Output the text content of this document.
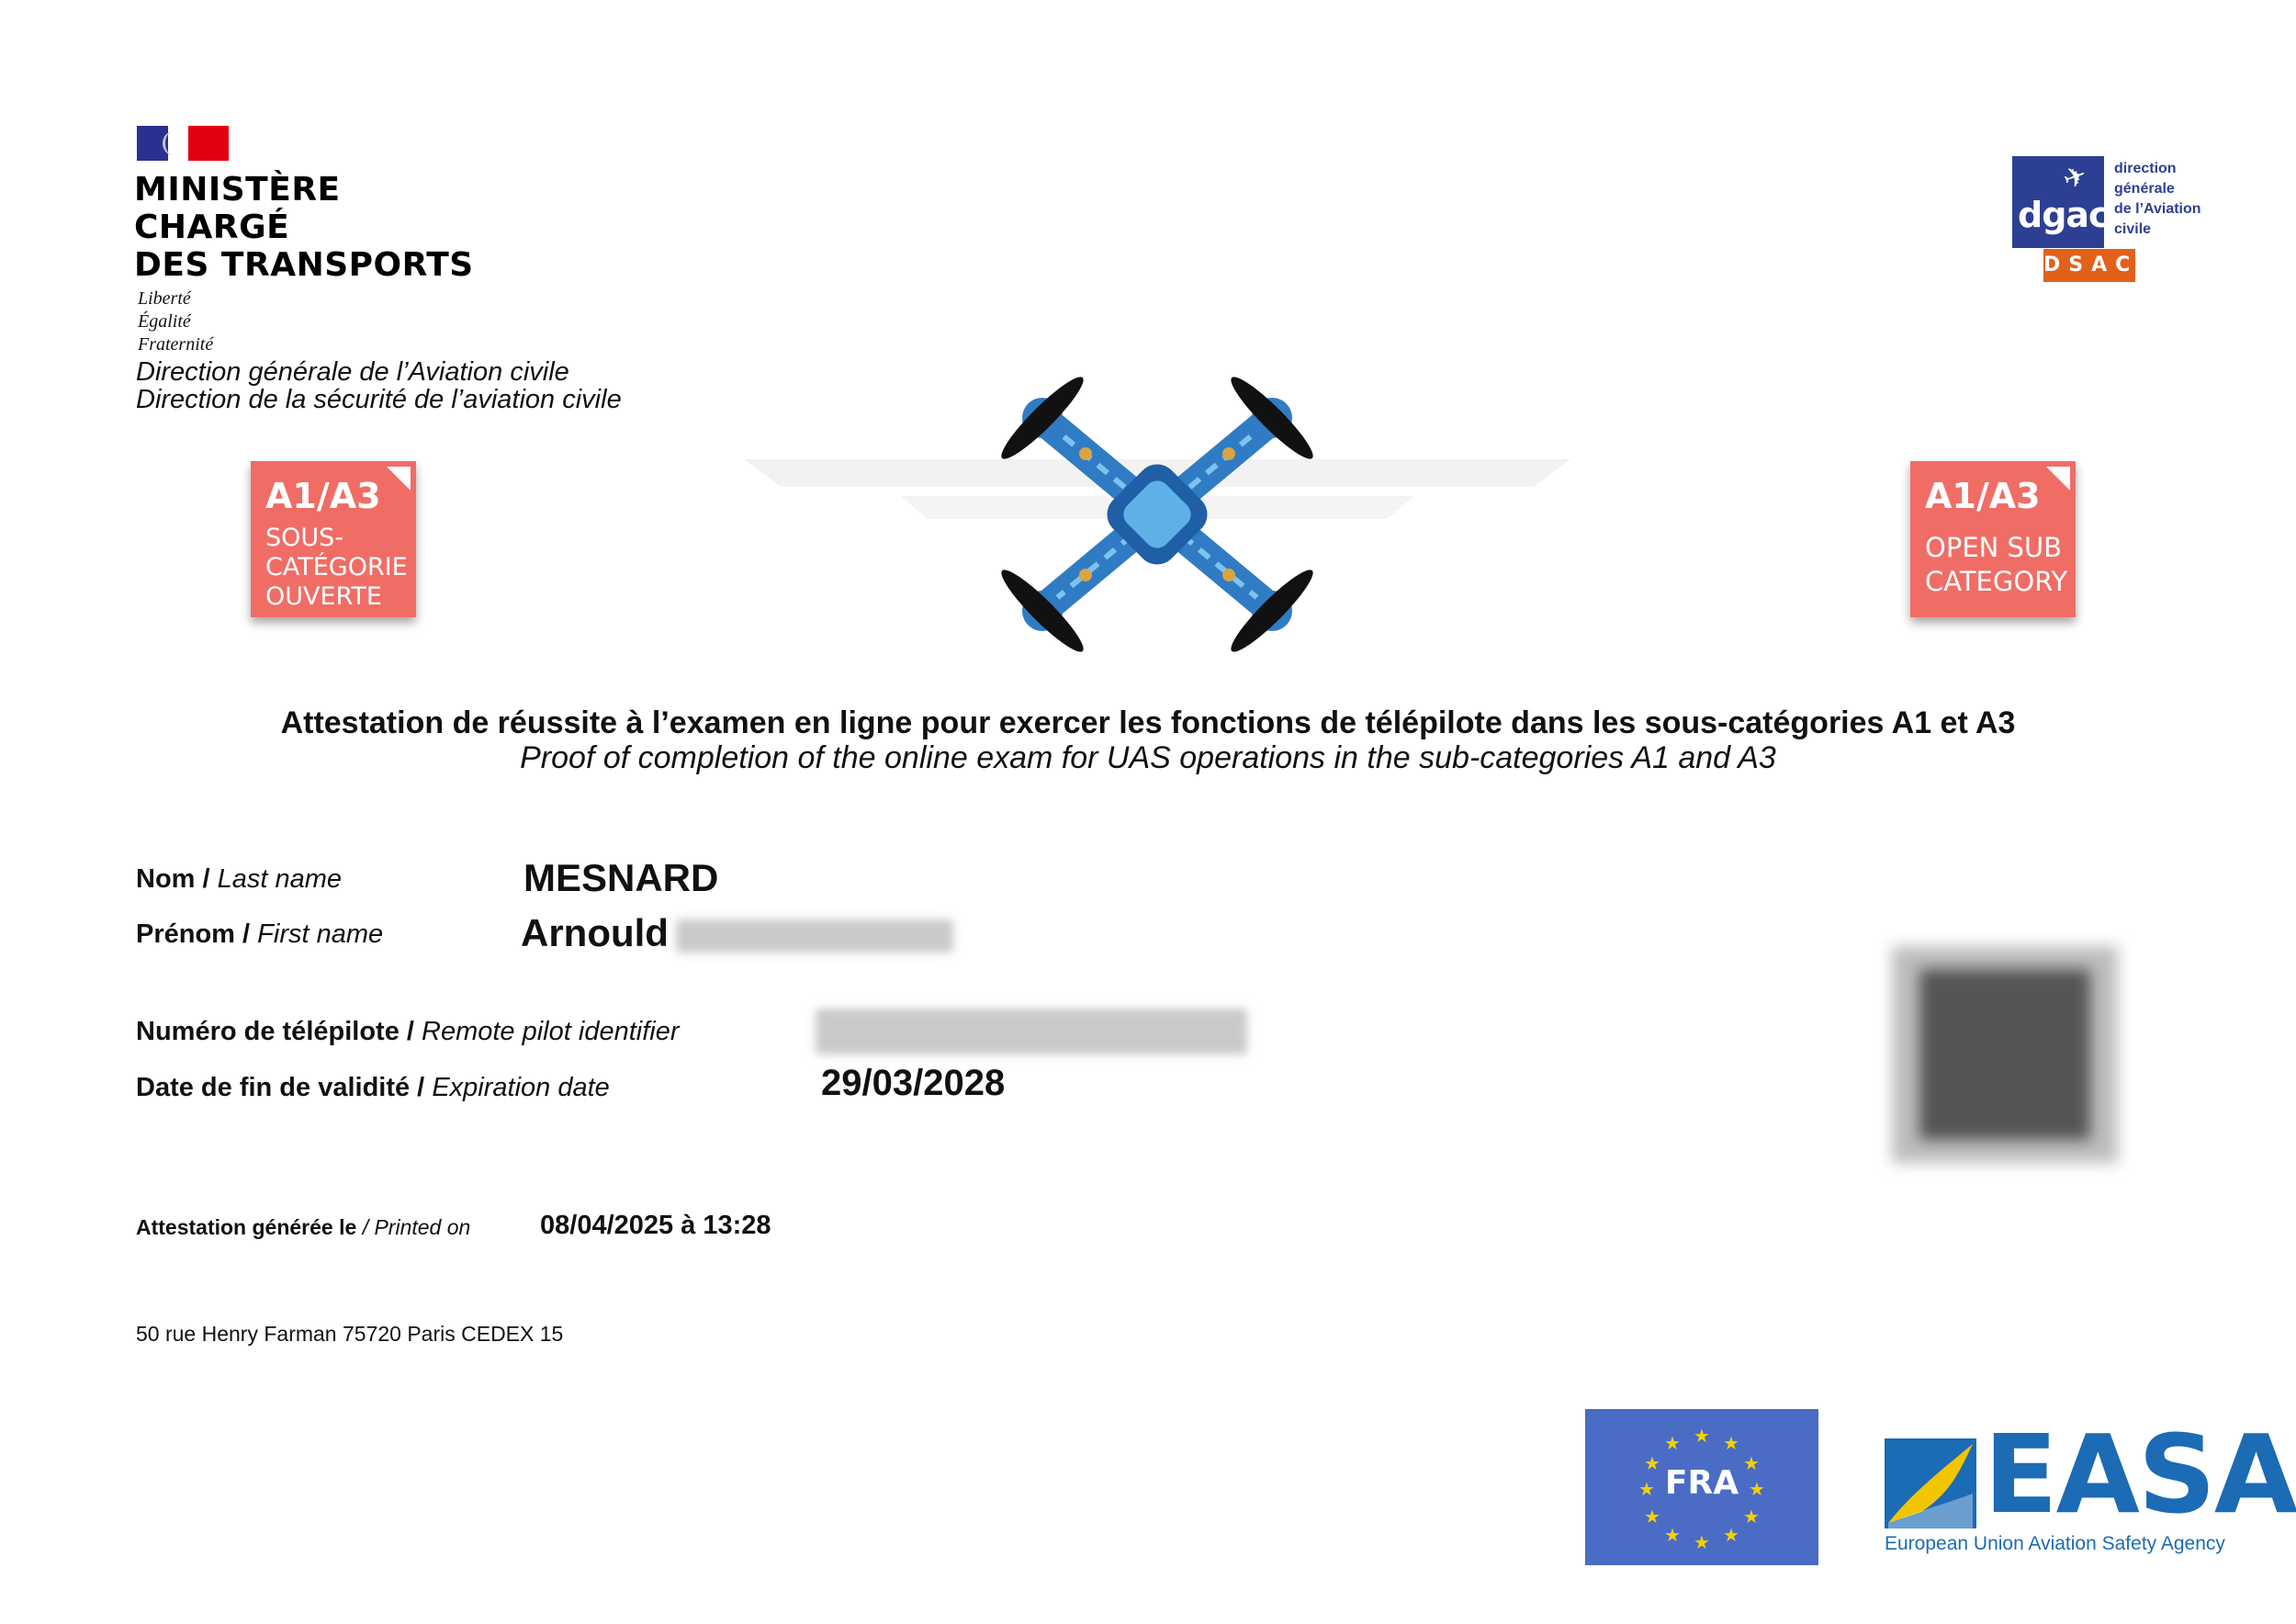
MINISTÈRE
CHARGÉ
DES TRANSPORTS
Liberté
Égalité
Fraternité
Direction générale de l’Aviation civile
Direction de la sécurité de l’aviation civile
✈
dgac
direction
générale
de l’Aviation
civile
DSAC
A1/A3
SOUS-
CATÉGORIE
OUVERTE
A1/A3
OPEN SUB
CATEGORY
Attestation de réussite à l’examen en ligne pour exercer les fonctions de télépilote dans les sous-catégories A1 et A3
Proof of completion of the online exam for UAS operations in the sub-categories A1 and A3
Nom / Last name	MESNARD
Prénom / First name	Arnould
Numéro de télépilote / Remote pilot identifier
Date de fin de validité / Expiration date	29/03/2028
Attestation générée le / Printed on	08/04/2025 à 13:28
50 rue Henry Farman 75720 Paris CEDEX 15
★ ★
★
★
★
★
★
★
★
★
★ ★
FRA	EASA
European Union Aviation Safety Agency
